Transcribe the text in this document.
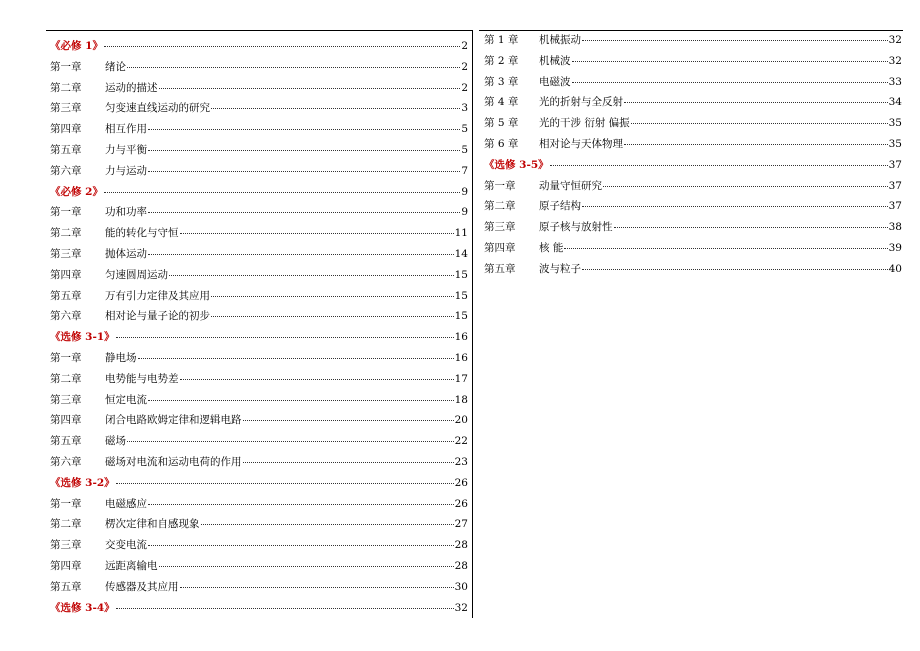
《必修 1》	2
第一章	绪论	2
第二章	运动的描述	2
第三章	匀变速直线运动的研究	3
第四章	相互作用	5
第五章	力与平衡	5
第六章	力与运动	7
《必修 2》	9
第一章	功和功率	9
第二章	能的转化与守恒	11
第三章	抛体运动	14
第四章	匀速圆周运动	15
第五章	万有引力定律及其应用	15
第六章	相对论与量子论的初步	15
《选修 3-1》	16
第一章	静电场	16
第二章	电势能与电势差	17
第三章	恒定电流	18
第四章	闭合电路欧姆定律和逻辑电路	20
第五章	磁场	22
第六章	磁场对电流和运动电荷的作用	23
《选修 3-2》	26
第一章	电磁感应	26
第二章	楞次定律和自感现象	27
第三章	交变电流	28
第四章	远距离输电	28
第五章	传感器及其应用	30
《选修 3-4》	32
第 1 章	机械振动	32
第 2 章	机械波	32
第 3 章	电磁波	33
第 4 章	光的折射与全反射	34
第 5 章	光的干涉 衍射 偏振	35
第 6 章	相对论与天体物理	35
《选修 3-5》	37
第一章	动量守恒研究	37
第二章	原子结构	37
第三章	原子核与放射性	38
第四章	核 能	39
第五章	波与粒子	40
